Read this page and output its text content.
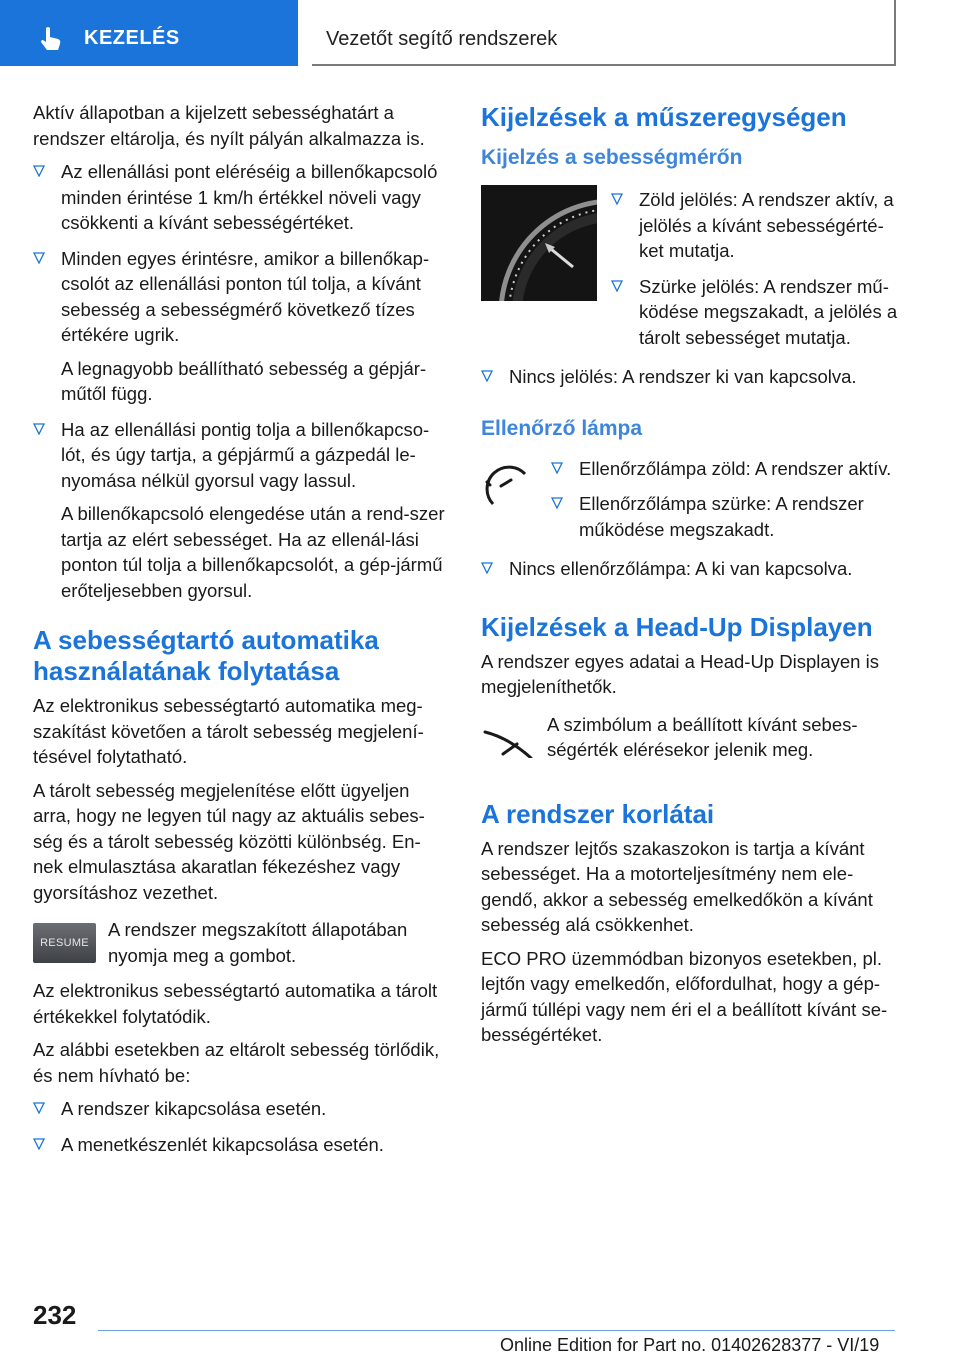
KEZELÉS	Vezetőt segítő rendszerek

Aktív állapotban a kijelzett sebességhatárt a rendszer eltárolja, és nyílt pályán alkalmazza is.

Az ellenállási pont eléréséig a billenőkapcsoló minden érintése 1 km/h értékkel növeli vagy csökkenti a kívánt sebességértéket.
Minden egyes érintésre, amikor a billenőkap-csolót az ellenállási ponton túl tolja, a kívánt sebesség a sebességmérő következő tízes értékére ugrik.
A legnagyobb beállítható sebesség a gépjár-műtől függ.
Ha az ellenállási pontig tolja a billenőkapcso-lót, és úgy tartja, a gépjármű a gázpedál le-nyomása nélkül gyorsul vagy lassul.
A billenőkapcsoló elengedése után a rend-szer tartja az elért sebességet. Ha az ellenál-lási ponton túl tolja a billenőkapcsolót, a gép-jármű erőteljesebben gyorsul.
A sebességtartó automatika használatának folytatása

Az elektronikus sebességtartó automatika meg-szakítást követően a tárolt sebesség megjelení-tésével folytatható.

A tárolt sebesség megjelenítése előtt ügyeljen arra, hogy ne legyen túl nagy az aktuális sebes-ség és a tárolt sebesség közötti különbség. En-nek elmulasztása akaratlan fékezéshez vagy gyorsításhoz vezethet.

RESUME

A rendszer megszakított állapotában nyomja meg a gombot.

Az elektronikus sebességtartó automatika a tárolt értékekkel folytatódik.

Az alábbi esetekben az eltárolt sebesség törlődik, és nem hívható be:

A rendszer kikapcsolása esetén.
A menetkészenlét kikapcsolása esetén.
Kijelzések a műszeregységen
Kijelzés a sebességmérőn
Zöld jelölés: A rendszer aktív, a jelölés a kívánt sebességérté-ket mutatja.
Szürke jelölés: A rendszer mű-ködése megszakadt, a jelölés a tárolt sebességet mutatja.
Nincs jelölés: A rendszer ki van kapcsolva.
Ellenőrző lámpa
Ellenőrzőlámpa zöld: A rendszer aktív.
Ellenőrzőlámpa szürke: A rendszer működése megszakadt.
Nincs ellenőrzőlámpa: A ki van kapcsolva.
Kijelzések a Head-Up Displayen

A rendszer egyes adatai a Head-Up Displayen is megjeleníthetők.

A szimbólum a beállított kívánt sebes-ségérték elérésekor jelenik meg.

A rendszer korlátai

A rendszer lejtős szakaszokon is tartja a kívánt sebességet. Ha a motorteljesítmény nem ele-gendő, akkor a sebesség emelkedőkön a kívánt sebesség alá csökkenhet.

ECO PRO üzemmódban bizonyos esetekben, pl. lejtőn vagy emelkedőn, előfordulhat, hogy a gép-jármű túllépi vagy nem éri el a beállított kívánt se-bességértéket.

232
Online Edition for Part no. 01402628377 - VI/19
